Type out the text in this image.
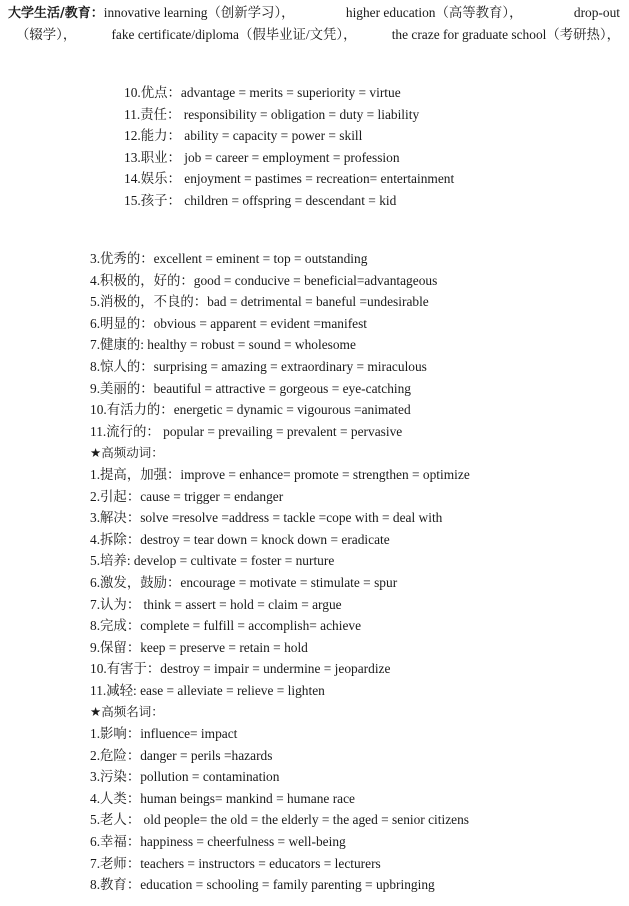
大学生活/教育：innovative learning（创新学习），	higher education（高等教育），	drop-out
（辍学），	fake certificate/diploma（假毕业证/文凭），	the craze for graduate school（考研热），
10.优点：advantage = merits = superiority = virtue
11.责任： responsibility = obligation = duty = liability
12.能力： ability = capacity = power = skill
13.职业： job = career = employment = profession
14.娱乐： enjoyment = pastimes = recreation= entertainment
15.孩子： children = offspring = descendant = kid
3.优秀的：excellent = eminent = top = outstanding
4.积极的，好的：good = conducive = beneficial=advantageous
5.消极的，不良的：bad = detrimental = baneful =undesirable
6.明显的：obvious = apparent = evident =manifest
7.健康的: healthy = robust = sound = wholesome
8.惊人的：surprising = amazing = extraordinary = miraculous
9.美丽的：beautiful = attractive = gorgeous = eye-catching
10.有活力的：energetic = dynamic = vigourous =animated
11.流行的： popular = prevailing = prevalent = pervasive
★高频动词：
1.提高，加强：improve = enhance= promote = strengthen = optimize
2.引起：cause = trigger = endanger
3.解决：solve =resolve =address = tackle =cope with = deal with
4.拆除：destroy = tear down = knock down = eradicate
5.培养: develop = cultivate = foster = nurture
6.激发，鼓励：encourage = motivate = stimulate = spur
7.认为： think = assert = hold = claim = argue
8.完成：complete = fulfill = accomplish= achieve
9.保留：keep = preserve = retain = hold
10.有害于：destroy = impair = undermine = jeopardize
11.减轻: ease = alleviate = relieve = lighten
★高频名词：
1.影响：influence= impact
2.危险：danger = perils =hazards
3.污染：pollution = contamination
4.人类：human beings= mankind = humane race
5.老人： old people= the old = the elderly = the aged = senior citizens
6.幸福：happiness = cheerfulness = well-being
7.老师：teachers = instructors = educators = lecturers
8.教育：education = schooling = family parenting = upbringing
